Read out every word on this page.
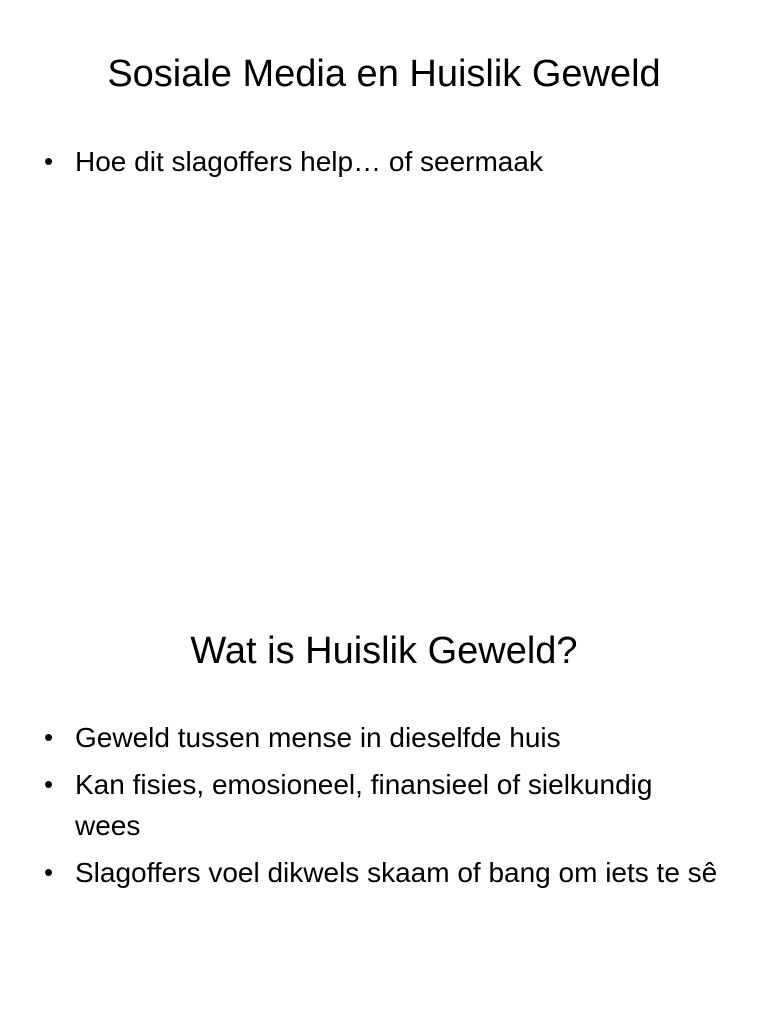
Sosiale Media en Huislik Geweld
• Hoe dit slagoffers help… of seermaak
Wat is Huislik Geweld?
• Geweld tussen mense in dieselfde huis
• Kan fisies, emosioneel, finansieel of sielkundig wees
• Slagoffers voel dikwels skaam of bang om iets te sê
